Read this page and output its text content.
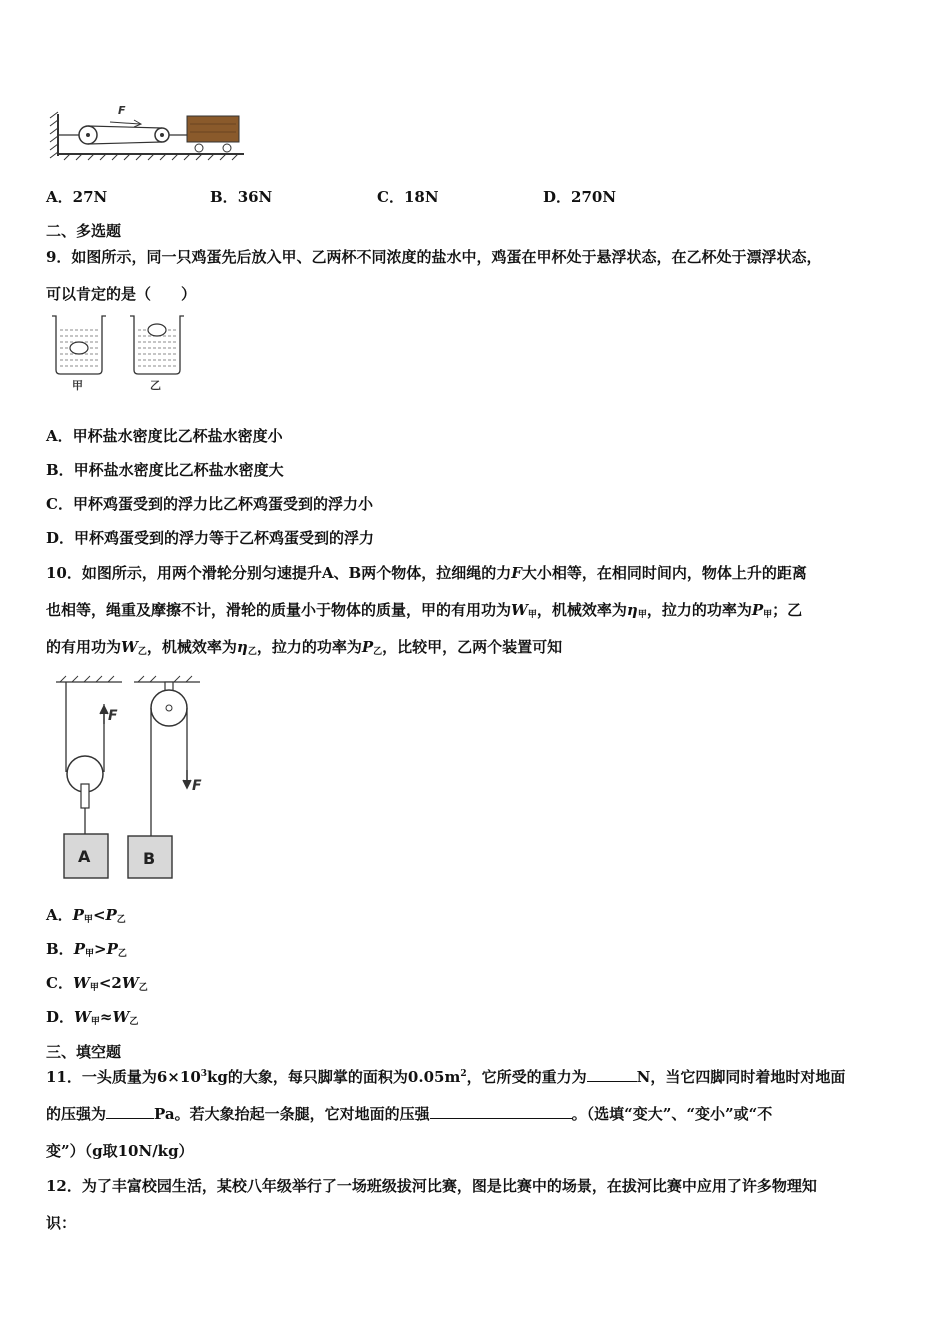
F
A．27N	B．36N	C．18N	D．270N
二、多选题
9．如图所示，同一只鸡蛋先后放入甲、乙两杯不同浓度的盐水中，鸡蛋在甲杯处于悬浮状态，在乙杯处于漂浮状态，
可以肯定的是（　　）
甲	乙
A．甲杯盐水密度比乙杯盐水密度小
B．甲杯盐水密度比乙杯盐水密度大
C．甲杯鸡蛋受到的浮力比乙杯鸡蛋受到的浮力小
D．甲杯鸡蛋受到的浮力等于乙杯鸡蛋受到的浮力
10．如图所示，用两个滑轮分别匀速提升A、B两个物体，拉细绳的力F大小相等，在相同时间内，物体上升的距离
也相等，绳重及摩擦不计，滑轮的质量小于物体的质量，甲的有用功为$W_甲$，机械效率为$\eta_甲$，拉力的功率为$P_甲$；乙
的有用功为$W_乙$，机械效率为$\eta_乙$，拉力的功率为$P_乙$，比较甲，乙两个装置可知
F
A
F
B
A．$P_甲<P_乙$
B．$P_甲>P_乙$
C．$W_甲<2W_乙$
D．$W_甲\approx W_乙$
三、填空题
11．一头质量为$6\times 10^3kg$的大象，每只脚掌的面积为$0.05m^2$，它所受的重力为	N，当它四脚同时着地时对地面
的压强为	Pa。若大象抬起一条腿，它对地面的压强	。（选填“变大”、“变小”或“不
变”）（g取10N/kg）
12．为了丰富校园生活，某校八年级举行了一场班级拔河比赛，图是比赛中的场景，在拔河比赛中应用了许多物理知
识：
